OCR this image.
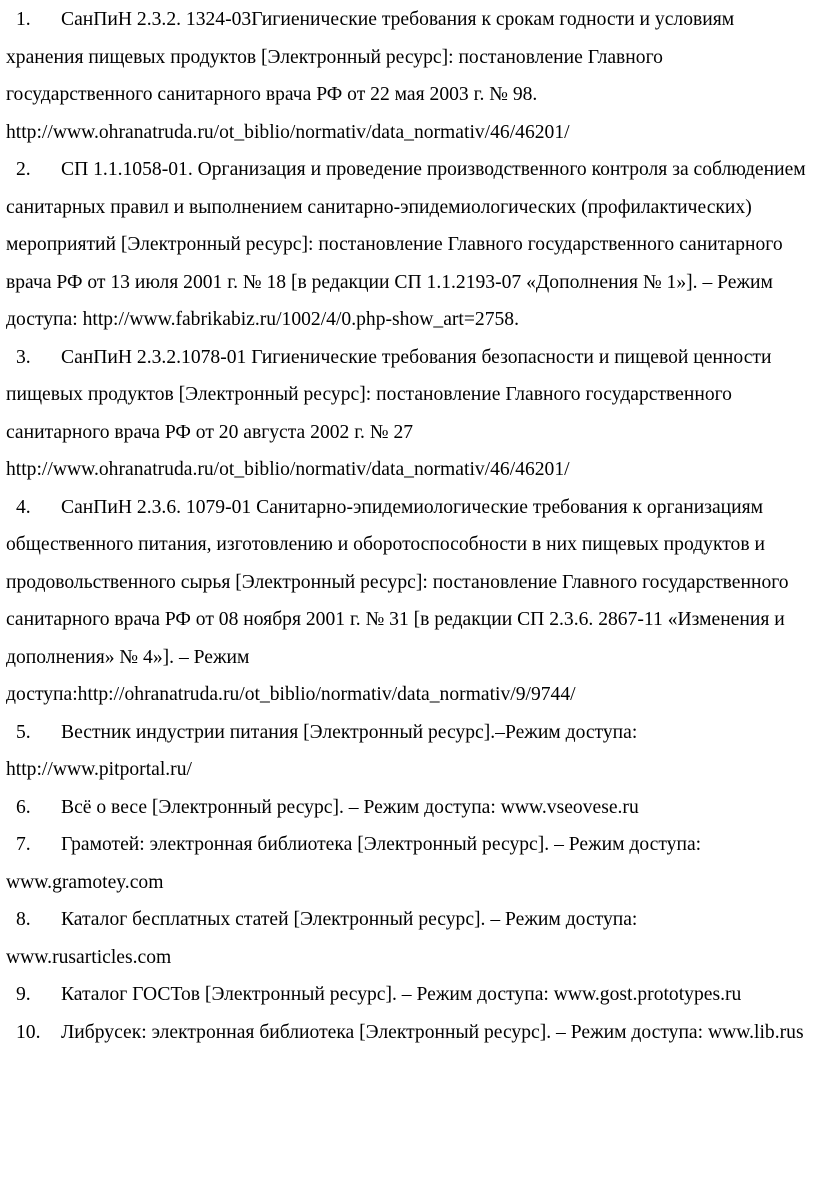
1. СанПиН 2.3.2. 1324-03Гигиенические требования к срокам годности и условиям хранения пищевых продуктов [Электронный ресурс]: постановление Главного государственного санитарного врача РФ от 22 мая 2003 г. № 98. http://www.ohranatruda.ru/ot_biblio/normativ/data_normativ/46/46201/

2. СП 1.1.1058-01. Организация и проведение производственного контроля за соблюдением санитарных правил и выполнением санитарно-эпидемиологических (профилактических) мероприятий [Электронный ресурс]: постановление Главного государственного санитарного врача РФ от 13 июля 2001 г. № 18 [в редакции СП 1.1.2193-07 «Дополнения № 1»]. – Режим доступа: http://www.fabrikabiz.ru/1002/4/0.php-show_art=2758.

3. СанПиН 2.3.2.1078-01 Гигиенические требования безопасности и пищевой ценности пищевых продуктов [Электронный ресурс]: постановление Главного государственного санитарного врача РФ от 20 августа 2002 г. № 27 http://www.ohranatruda.ru/ot_biblio/normativ/data_normativ/46/46201/

4. СанПиН 2.3.6. 1079-01 Санитарно-эпидемиологические требования к организациям общественного питания, изготовлению и оборотоспособности в них пищевых продуктов и продовольственного сырья [Электронный ресурс]: постановление Главного государственного санитарного врача РФ от 08 ноября 2001 г. № 31 [в редакции СП 2.3.6. 2867-11 «Изменения и дополнения» № 4»]. – Режим доступа:http://ohranatruda.ru/ot_biblio/normativ/data_normativ/9/9744/

5. Вестник индустрии питания [Электронный ресурс].–Режим доступа: http://www.pitportal.ru/

6. Всё о весе [Электронный ресурс]. – Режим доступа: www.vseovese.ru

7. Грамотей: электронная библиотека [Электронный ресурс]. – Режим доступа: www.gramotey.com

8. Каталог бесплатных статей [Электронный ресурс]. – Режим доступа: www.rusarticles.com

9. Каталог ГОСТов [Электронный ресурс]. – Режим доступа: www.gost.prototypes.ru

10. Либрусек: электронная библиотека [Электронный ресурс]. – Режим доступа: www.lib.rus
